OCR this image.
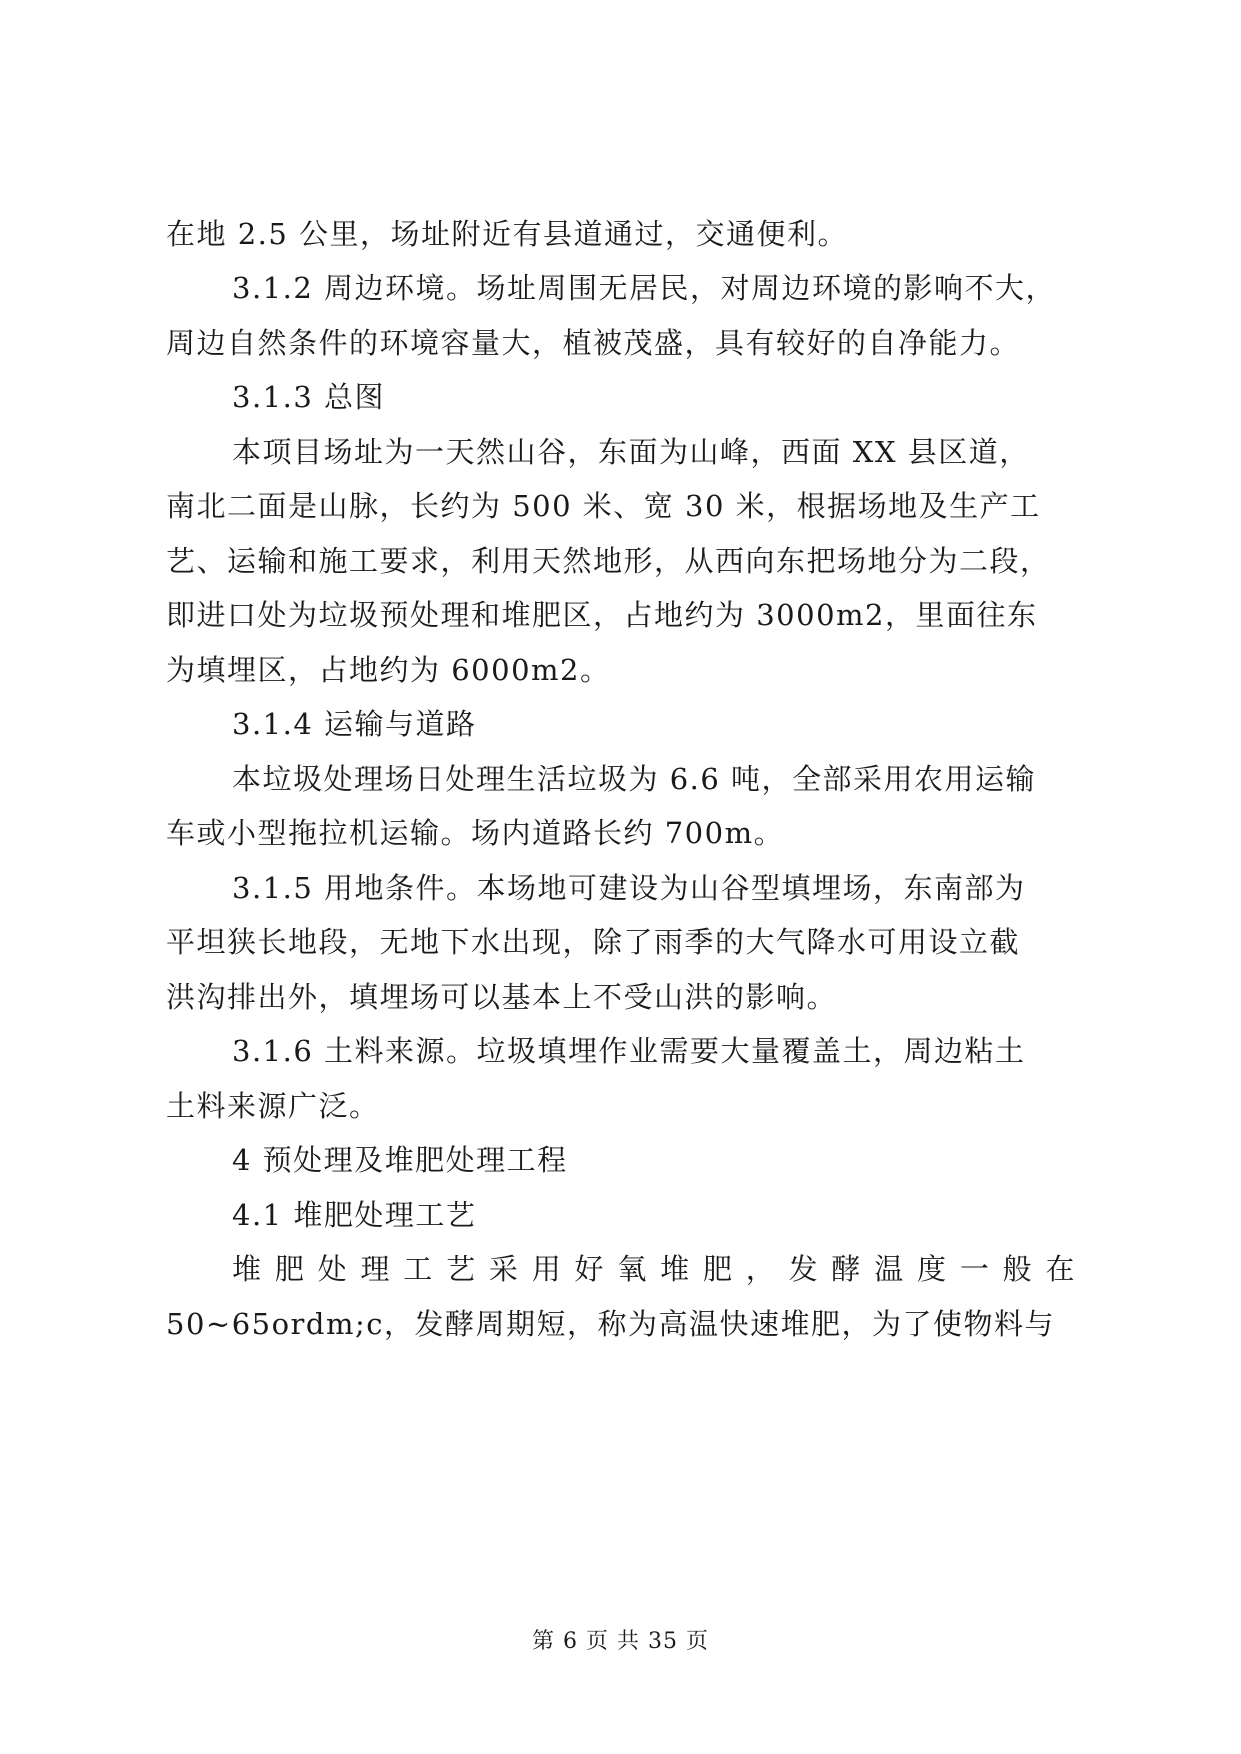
在地 2.5 公里，场址附近有县道通过，交通便利。
3.1.2 周边环境。场址周围无居民，对周边环境的影响不大，
周边自然条件的环境容量大，植被茂盛，具有较好的自净能力。
3.1.3 总图
本项目场址为一天然山谷，东面为山峰，西面 XX 县区道，
南北二面是山脉，长约为 500 米、宽 30 米，根据场地及生产工
艺、运输和施工要求，利用天然地形，从西向东把场地分为二段，
即进口处为垃圾预处理和堆肥区，占地约为 3000m2，里面往东
为填埋区，占地约为 6000m2。
3.1.4 运输与道路
本垃圾处理场日处理生活垃圾为 6.6 吨，全部采用农用运输
车或小型拖拉机运输。场内道路长约 700m。
3.1.5 用地条件。本场地可建设为山谷型填埋场，东南部为
平坦狭长地段，无地下水出现，除了雨季的大气降水可用设立截
洪沟排出外，填埋场可以基本上不受山洪的影响。
3.1.6 土料来源。垃圾填埋作业需要大量覆盖土，周边粘土
土料来源广泛。
4 预处理及堆肥处理工程
4.1 堆肥处理工艺
堆肥处理工艺采用好氧堆肥，发酵温度一般在
50~65ordm;c，发酵周期短，称为高温快速堆肥，为了使物料与
第 6 页 共 35 页
